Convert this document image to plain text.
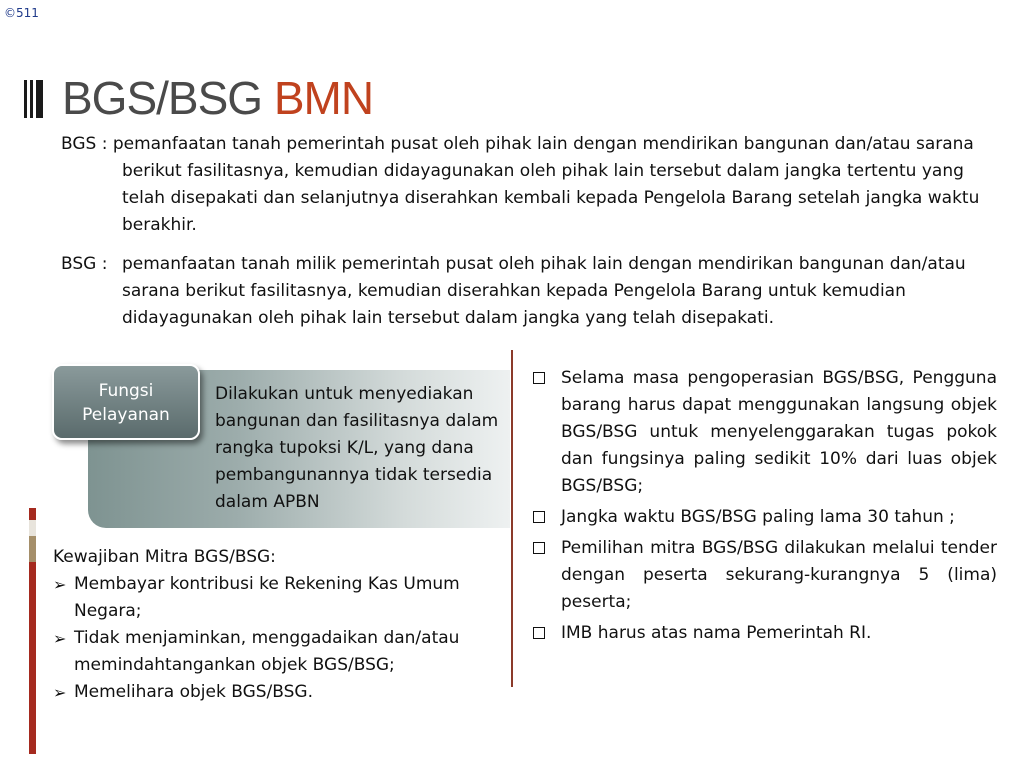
©511
BGS/BSG BMN
BGS : pemanfaatan tanah pemerintah pusat oleh pihak lain dengan mendirikan bangunan dan/atau sarana berikut fasilitasnya, kemudian didayagunakan oleh pihak lain tersebut dalam jangka tertentu yang telah disepakati dan selanjutnya diserahkan kembali kepada Pengelola Barang setelah jangka waktu berakhir.
BSG : pemanfaatan tanah milik pemerintah pusat oleh pihak lain dengan mendirikan bangunan dan/atau sarana berikut fasilitasnya, kemudian diserahkan kepada Pengelola Barang untuk kemudian didayagunakan oleh pihak lain tersebut dalam jangka yang telah disepakati.
Fungsi Pelayanan
Dilakukan untuk menyediakan bangunan dan fasilitasnya dalam rangka tupoksi K/L, yang dana pembangunannya tidak tersedia dalam APBN

Kewajiban Mitra BGS/BSG:

➢ Membayar kontribusi ke Rekening Kas Umum Negara;
➢ Tidak menjaminkan, menggadaikan dan/atau memindahtangankan objek BGS/BSG;
➢ Memelihara objek BGS/BSG.
Selama masa pengoperasian BGS/BSG, Pengguna barang harus dapat menggunakan langsung objek BGS/BSG untuk menyelenggarakan tugas pokok dan fungsinya paling sedikit 10% dari luas objek BGS/BSG;
Jangka waktu BGS/BSG paling lama 30 tahun ;
Pemilihan mitra BGS/BSG dilakukan melalui tender dengan peserta sekurang-kurangnya 5 (lima) peserta;
IMB harus atas nama Pemerintah RI.
